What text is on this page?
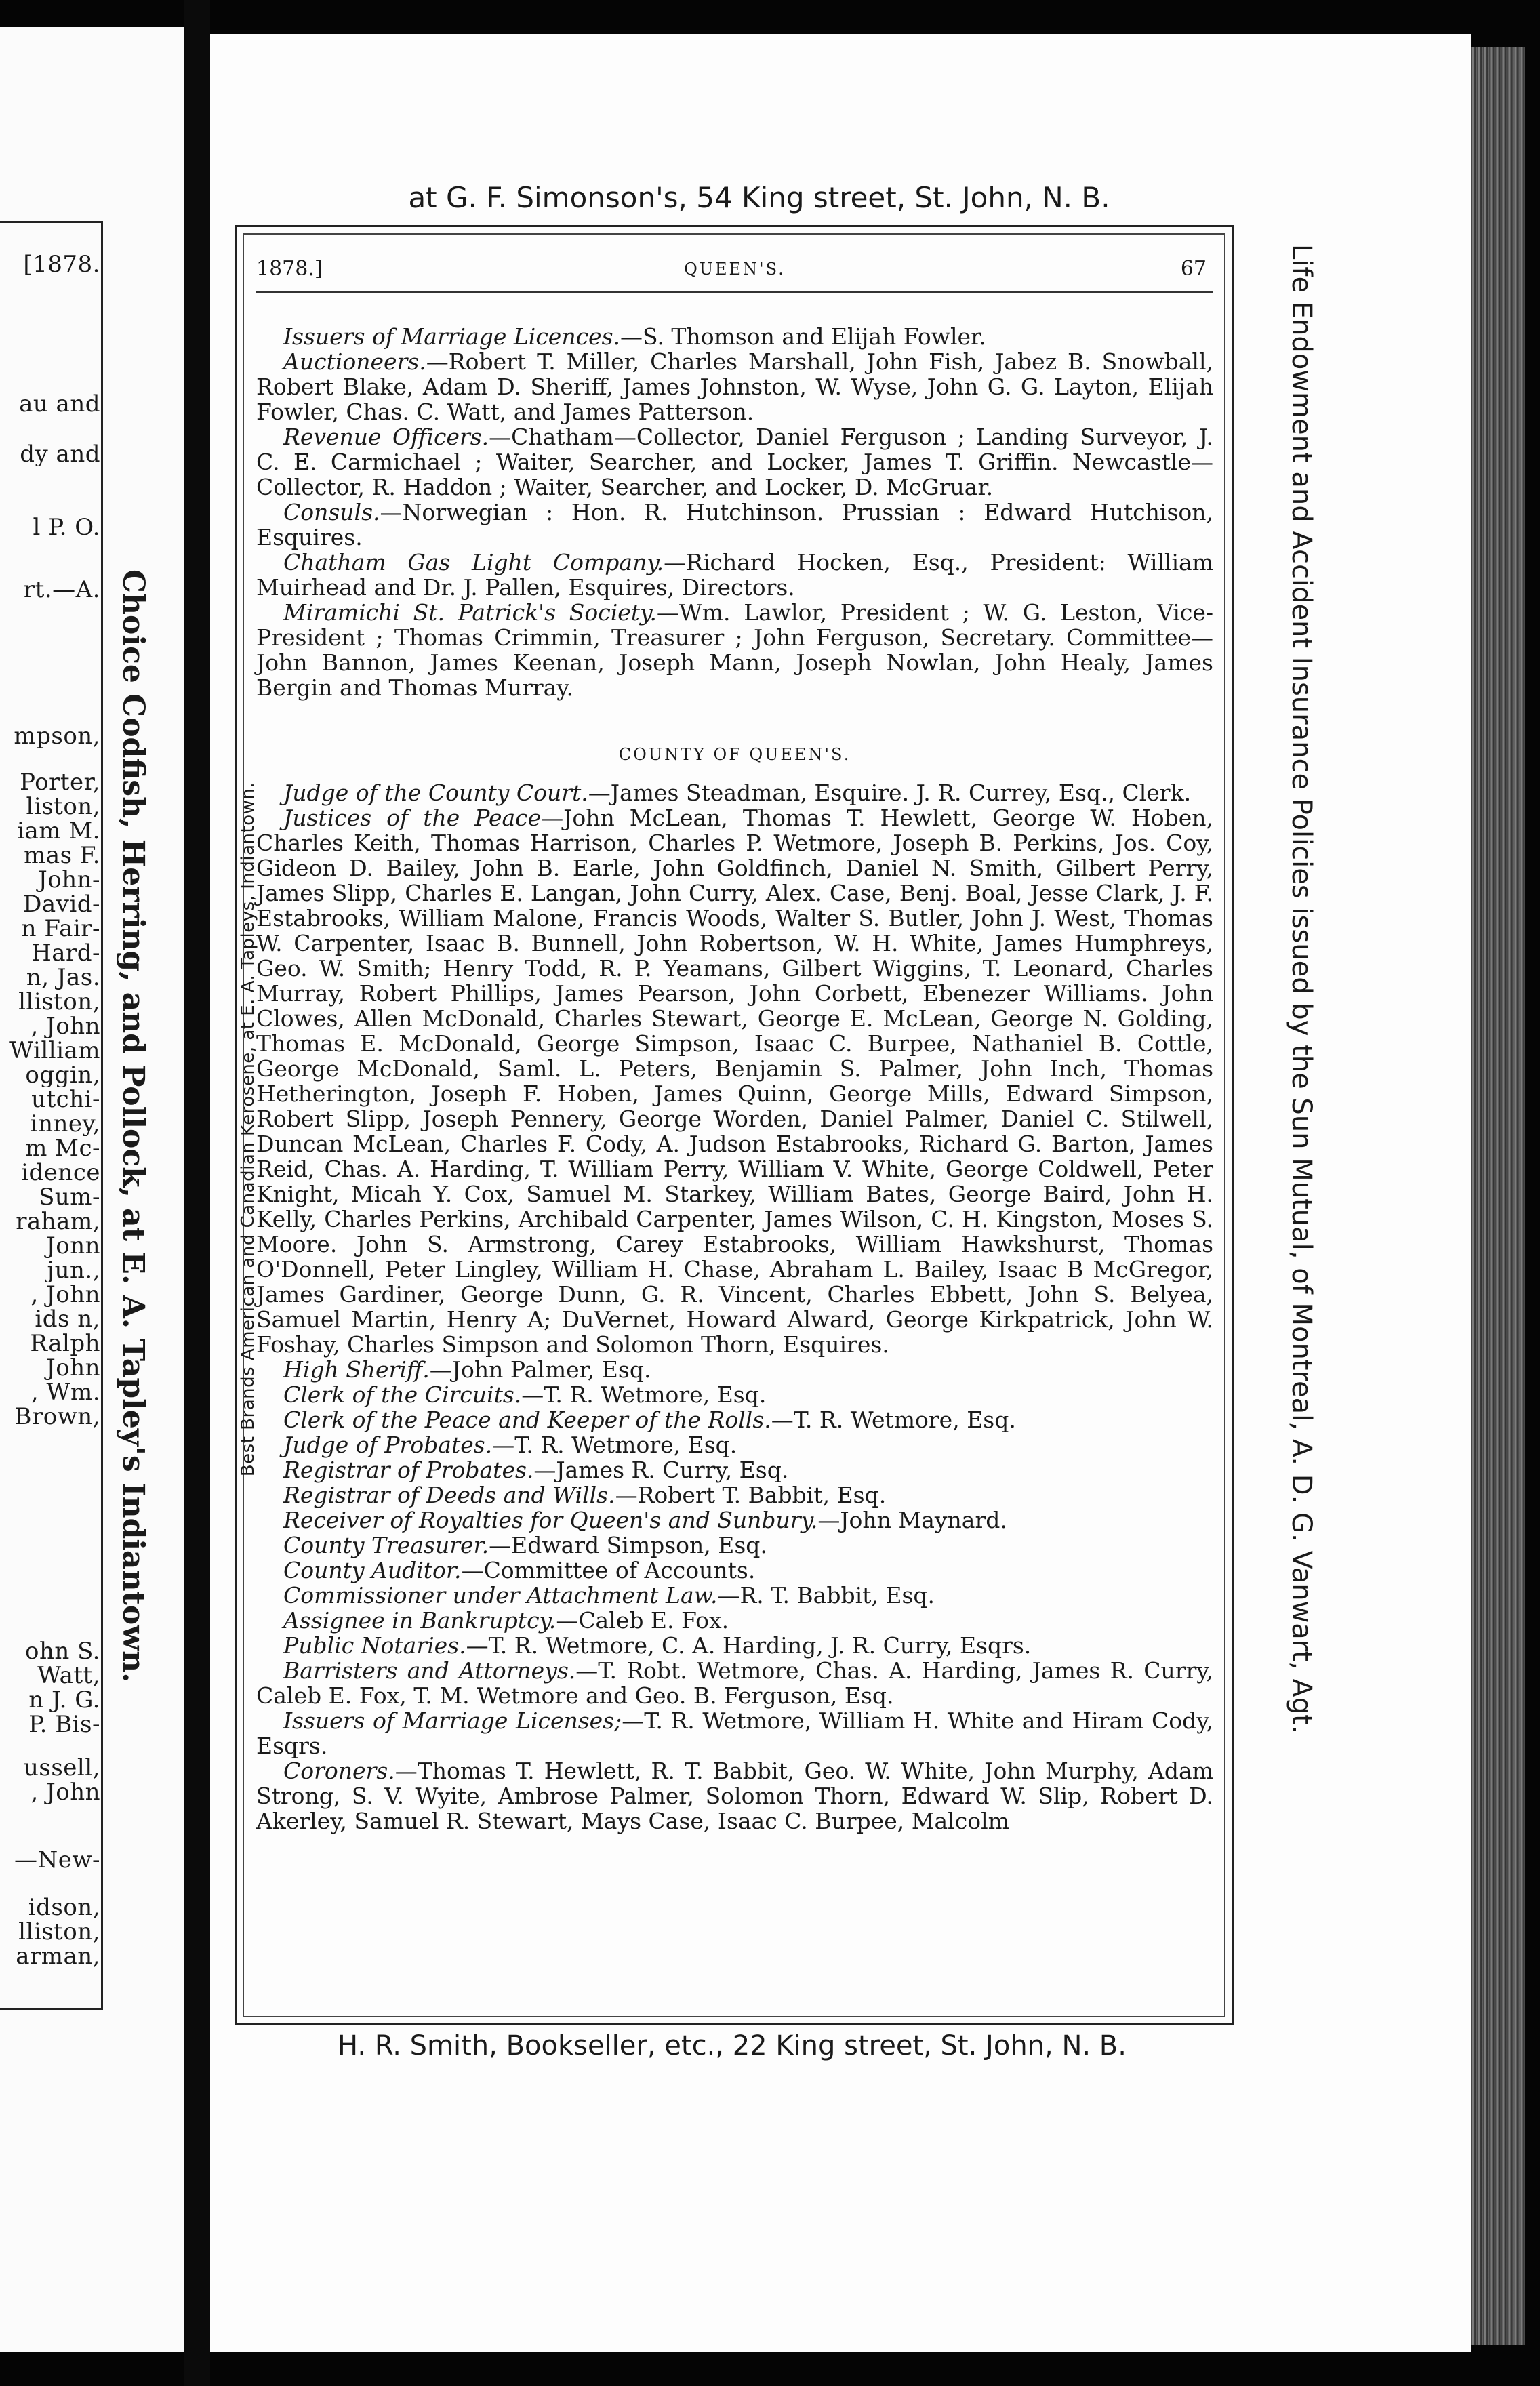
[1878.
au and
dy and
l P. O.
rt.—A.
mpson,
Porter,
liston,
iam M.
mas F.
John-
David-
n Fair-
Hard-
n, Jas.
lliston,
, John
William
oggin,
utchi-
inney,
m Mc-
idence
Sum-
raham,
Jonn
jun.,
, John
ids n,
Ralph
John
, Wm.
Brown,
ohn S.
Watt,
n J. G.
P. Bis-
ussell,
, John
—New-
idson,
lliston,
arman,
Choice Codfish, Herring, and Pollock, at E. A. Tapley's Indiantown.
at G. F. Simonson's, 54 King street, St. John, N. B.
Best Brands American and Canadian Kerosene, at E. A. Tapleys, Indiantown.	Life Endowment and Accident Insurance Policies issued by the Sun Mutual, of Montreal, A. D. G. Vanwart, Agt.
1878.]	QUEEN'S.	67

Issuers of Marriage Licences.—S. Thomson and Elijah Fowler.

Auctioneers.—Robert T. Miller, Charles Marshall, John Fish, Jabez B. Snowball, Robert Blake, Adam D. Sheriff, James Johnston, W. Wyse, John G. G. Layton, Elijah Fowler, Chas. C. Watt, and James Patterson.

Revenue Officers.—Chatham—Collector, Daniel Ferguson ; Landing Surveyor, J. C. E. Carmichael ; Waiter, Searcher, and Locker, James T. Griffin. Newcastle—Collector, R. Haddon ; Waiter, Searcher, and Locker, D. McGruar.

Consuls.—Norwegian : Hon. R. Hutchinson. Prussian : Edward Hutchison, Esquires.

Chatham Gas Light Company.—Richard Hocken, Esq., President: William Muirhead and Dr. J. Pallen, Esquires, Directors.

Miramichi St. Patrick's Society.—Wm. Lawlor, President ; W. G. Leston, Vice- President ; Thomas Crimmin, Treasurer ; John Ferguson, Secretary. Committee—John Bannon, James Keenan, Joseph Mann, Joseph Nowlan, John Healy, James Bergin and Thomas Murray.

COUNTY OF QUEEN'S.

Judge of the County Court.—James Steadman, Esquire. J. R. Currey, Esq., Clerk.

Justices of the Peace—John McLean, Thomas T. Hewlett, George W. Hoben, Charles Keith, Thomas Harrison, Charles P. Wetmore, Joseph B. Perkins, Jos. Coy, Gideon D. Bailey, John B. Earle, John Goldfinch, Daniel N. Smith, Gilbert Perry, James Slipp, Charles E. Langan, John Curry, Alex. Case, Benj. Boal, Jesse Clark, J. F. Estabrooks, William Malone, Francis Woods, Walter S. Butler, John J. West, Thomas W. Carpenter, Isaac B. Bunnell, John Robertson, W. H. White, James Humphreys, Geo. W. Smith; Henry Todd, R. P. Yeamans, Gilbert Wiggins, T. Leonard, Charles Murray, Robert Phillips, James Pearson, John Corbett, Ebenezer Williams. John Clowes, Allen McDonald, Charles Stewart, George E. McLean, George N. Golding, Thomas E. McDonald, George Simpson, Isaac C. Burpee, Nathaniel B. Cottle, George McDonald, Saml. L. Peters, Benjamin S. Palmer, John Inch, Thomas Hetherington, Joseph F. Hoben, James Quinn, George Mills, Edward Simpson, Robert Slipp, Joseph Pennery, George Worden, Daniel Palmer, Daniel C. Stilwell, Duncan McLean, Charles F. Cody, A. Judson Estabrooks, Richard G. Barton, James Reid, Chas. A. Harding, T. William Perry, William V. White, George Coldwell, Peter Knight, Micah Y. Cox, Samuel M. Starkey, William Bates, George Baird, John H. Kelly, Charles Perkins, Archibald Carpenter, James Wilson, C. H. Kingston, Moses S. Moore. John S. Armstrong, Carey Estabrooks, William Hawkshurst, Thomas O'Donnell, Peter Lingley, William H. Chase, Abraham L. Bailey, Isaac B McGregor, James Gardiner, George Dunn, G. R. Vincent, Charles Ebbett, John S. Belyea, Samuel Martin, Henry A; DuVernet, Howard Alward, George Kirkpatrick, John W. Foshay, Charles Simpson and Solomon Thorn, Esquires.

High Sheriff.—John Palmer, Esq.

Clerk of the Circuits.—T. R. Wetmore, Esq.

Clerk of the Peace and Keeper of the Rolls.—T. R. Wetmore, Esq.

Judge of Probates.—T. R. Wetmore, Esq.

Registrar of Probates.—James R. Curry, Esq.

Registrar of Deeds and Wills.—Robert T. Babbit, Esq.

Receiver of Royalties for Queen's and Sunbury.—John Maynard.

County Treasurer.—Edward Simpson, Esq.

County Auditor.—Committee of Accounts.

Commissioner under Attachment Law.—R. T. Babbit, Esq.

Assignee in Bankruptcy.—Caleb E. Fox.

Public Notaries.—T. R. Wetmore, C. A. Harding, J. R. Curry, Esqrs.

Barristers and Attorneys.—T. Robt. Wetmore, Chas. A. Harding, James R. Curry, Caleb E. Fox, T. M. Wetmore and Geo. B. Ferguson, Esq.

Issuers of Marriage Licenses;—T. R. Wetmore, William H. White and Hiram Cody, Esqrs.

Coroners.—Thomas T. Hewlett, R. T. Babbit, Geo. W. White, John Murphy, Adam Strong, S. V. Wyite, Ambrose Palmer, Solomon Thorn, Edward W. Slip, Robert D. Akerley, Samuel R. Stewart, Mays Case, Isaac C. Burpee, Malcolm

H. R. Smith, Bookseller, etc., 22 King street, St. John, N. B.
